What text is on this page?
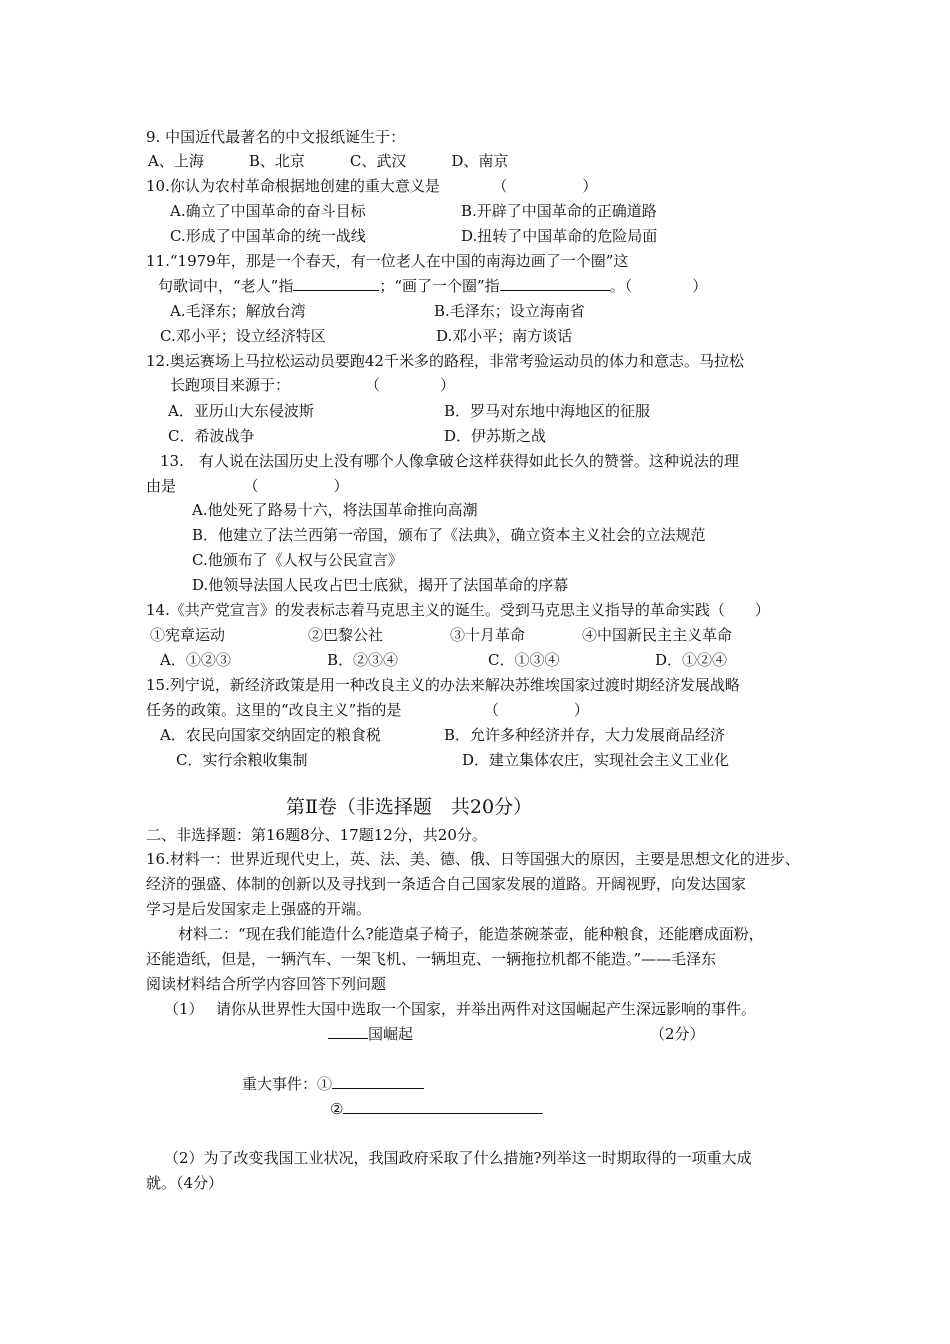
9. 中国近代最著名的中文报纸诞生于：
A、上海　　　B、北京　　　C、武汉　　　D、南京
10.你认为农村革命根据地创建的重大意义是　　　　（　　　　　）
A.确立了中国革命的奋斗目标	B.开辟了中国革命的正确道路
C.形成了中国革命的统一战线	D.扭转了中国革命的危险局面
11.“1979年，那是一个春天，有一位老人在中国的南海边画了一个圈”这
句歌词中，“老人”指	；“画了一个圈”指	。（　　　　）
A.毛泽东；解放台湾	B.毛泽东；设立海南省
C.邓小平；设立经济特区	D.邓小平；南方谈话
12.奥运赛场上马拉松运动员要跑42千米多的路程，非常考验运动员的体力和意志。马拉松
长跑项目来源于：　　　　　　（　　　　）
A．亚历山大东侵波斯	B．罗马对东地中海地区的征服
C．希波战争	D．伊苏斯之战
13.　有人说在法国历史上没有哪个人像拿破仑这样获得如此长久的赞誉。这种说法的理
由是　　　　　（　　　　　）
A.他处死了路易十六，将法国革命推向高潮
B．他建立了法兰西第一帝国，颁布了《法典》，确立资本主义社会的立法规范
C.他颁布了《人权与公民宣言》
D.他领导法国人民攻占巴士底狱，揭开了法国革命的序幕
14.《共产党宣言》的发表标志着马克思主义的诞生。受到马克思主义指导的革命实践（　　）
①宪章运动	②巴黎公社	③十月革命	④中国新民主主义革命
A．①②③	B．②③④	C．①③④	D．①②④
15.列宁说，新经济政策是用一种改良主义的办法来解决苏维埃国家过渡时期经济发展战略
任务的政策。这里的“改良主义”指的是　　　　　　（　　　　　）
A．农民向国家交纳固定的粮食税	B．允许多种经济并存，大力发展商品经济
C．实行余粮收集制	D．建立集体农庄，实现社会主义工业化
第Ⅱ卷（非选择题　共20分）
二、非选择题：第16题8分、17题12分，共20分。
16.材料一：世界近现代史上，英、法、美、德、俄、日等国强大的原因，主要是思想文化的进步、
经济的强盛、体制的创新以及寻找到一条适合自己国家发展的道路。开阔视野，向发达国家
学习是后发国家走上强盛的开端。
材料二：“现在我们能造什么?能造桌子椅子，能造茶碗茶壶，能种粮食，还能磨成面粉，
还能造纸，但是，一辆汽车、一架飞机、一辆坦克、一辆拖拉机都不能造。”——毛泽东
阅读材料结合所学内容回答下列问题
（1） 请你从世界性大国中选取一个国家，并举出两件对这国崛起产生深远影响的事件。
国崛起	（2分）
重大事件：①
②
（2）为了改变我国工业状况，我国政府采取了什么措施?列举这一时期取得的一项重大成
就。（4分）
